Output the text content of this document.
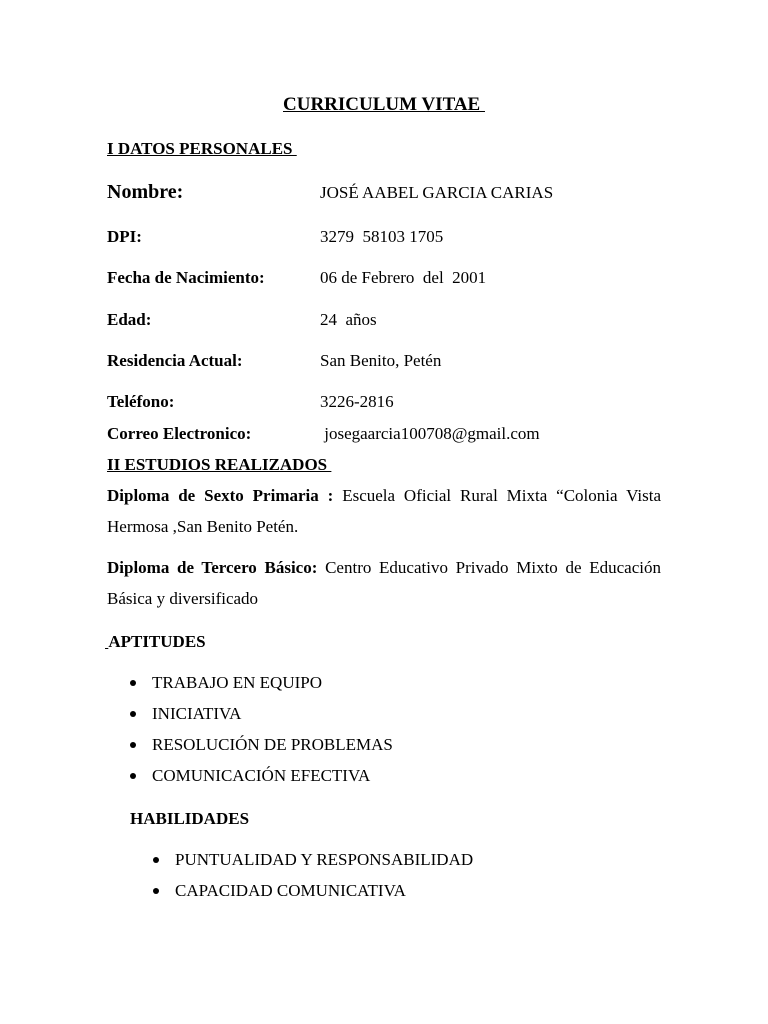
CURRICULUM VITAE
I DATOS PERSONALES
Nombre:	JOSÉ AABEL GARCIA CARIAS
DPI:	3279  58103 1705
Fecha de Nacimiento:	06 de Febrero  del  2001
Edad:	24  años
Residencia Actual:	San Benito, Petén
Teléfono:	3226-2816
Correo Electronico:	josegaarcia100708@gmail.com
II ESTUDIOS REALIZADOS
Diploma de Sexto Primaria : Escuela Oficial Rural Mixta “Colonia Vista Hermosa ,San Benito Petén.
Diploma de Tercero Básico: Centro Educativo Privado Mixto de Educación Básica y diversificado
APTITUDES
TRABAJO EN EQUIPO
INICIATIVA
RESOLUCIÓN DE PROBLEMAS
COMUNICACIÓN EFECTIVA
HABILIDADES
PUNTUALIDAD Y RESPONSABILIDAD
CAPACIDAD COMUNICATIVA
